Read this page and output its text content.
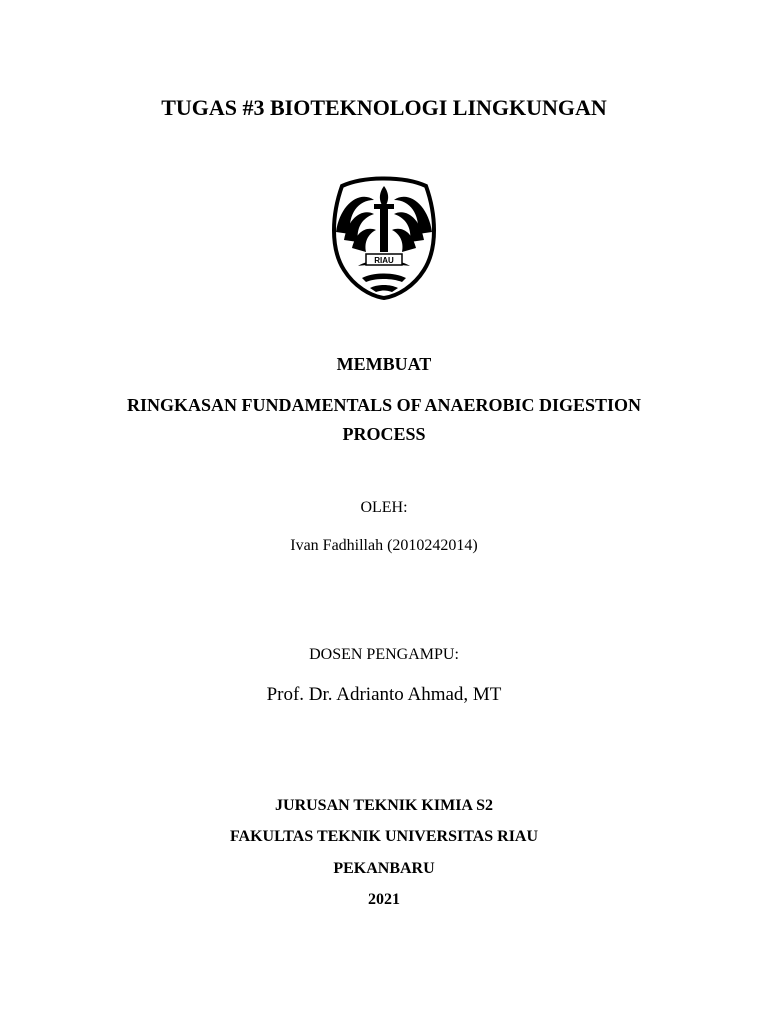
TUGAS #3 BIOTEKNOLOGI LINGKUNGAN
RIAU
MEMBUAT
RINGKASAN FUNDAMENTALS OF ANAEROBIC DIGESTION
PROCESS
OLEH:
Ivan Fadhillah (2010242014)
DOSEN PENGAMPU:
Prof. Dr. Adrianto Ahmad, MT
JURUSAN TEKNIK KIMIA S2
FAKULTAS TEKNIK UNIVERSITAS RIAU
PEKANBARU
2021
